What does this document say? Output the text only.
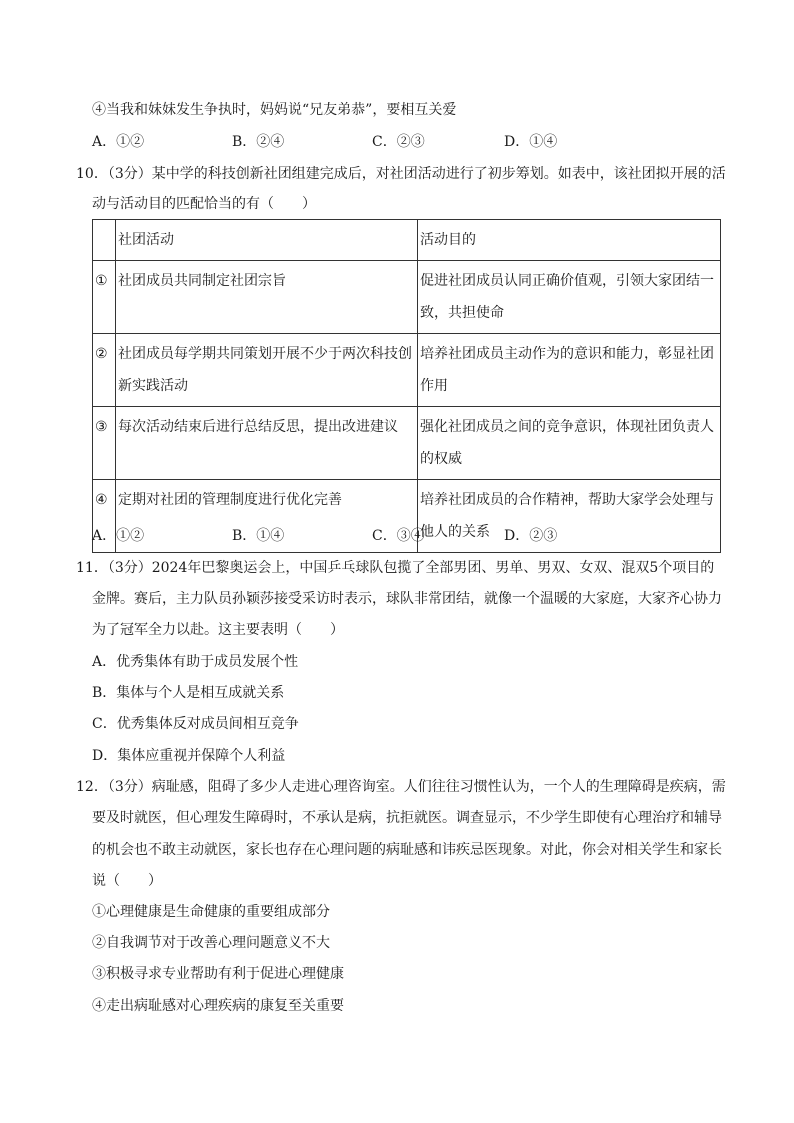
④当我和妹妹发生争执时，妈妈说“兄友弟恭”，要相互关爱
A．①②	B．②④	C．②③	D．①④
10．（3分）某中学的科技创新社团组建完成后，对社团活动进行了初步筹划。如表中，该社团拟开展的活
动与活动目的匹配恰当的有（　　）
	社团活动	活动目的
①	社团成员共同制定社团宗旨	促进社团成员认同正确价值观，引领大家团结一致，共担使命
②	社团成员每学期共同策划开展不少于两次科技创新实践活动	培养社团成员主动作为的意识和能力，彰显社团作用
③	每次活动结束后进行总结反思，提出改进建议	强化社团成员之间的竞争意识，体现社团负责人的权威
④	定期对社团的管理制度进行优化完善	培养社团成员的合作精神，帮助大家学会处理与他人的关系
A．①②	B．①④	C．③④	D．②③
11．（3分）2024年巴黎奥运会上，中国乒乓球队包揽了全部男团、男单、男双、女双、混双5个项目的
金牌。赛后，主力队员孙颖莎接受采访时表示，球队非常团结，就像一个温暖的大家庭，大家齐心协力
为了冠军全力以赴。这主要表明（　　）
A．优秀集体有助于成员发展个性
B．集体与个人是相互成就关系
C．优秀集体反对成员间相互竞争
D．集体应重视并保障个人利益
12．（3分）病耻感，阻碍了多少人走进心理咨询室。人们往往习惯性认为，一个人的生理障碍是疾病，需
要及时就医，但心理发生障碍时，不承认是病，抗拒就医。调查显示，不少学生即使有心理治疗和辅导
的机会也不敢主动就医，家长也存在心理问题的病耻感和讳疾忌医现象。对此，你会对相关学生和家长
说（　　）
①心理健康是生命健康的重要组成部分
②自我调节对于改善心理问题意义不大
③积极寻求专业帮助有利于促进心理健康
④走出病耻感对心理疾病的康复至关重要
